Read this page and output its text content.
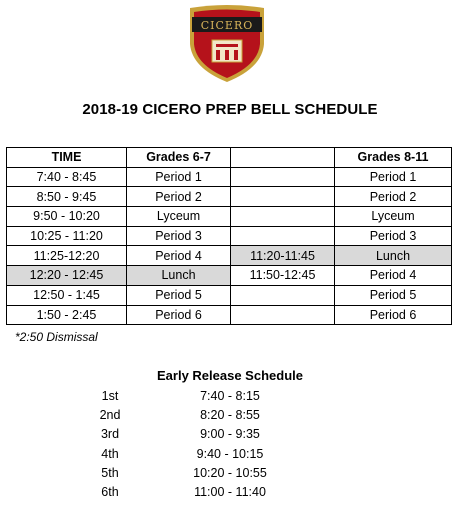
CICERO
2018-19 CICERO PREP BELL SCHEDULE
TIME	Grades 6-7		Grades 8-11
7:40 - 8:45	Period 1		Period 1
8:50 - 9:45	Period 2		Period 2
9:50 - 10:20	Lyceum		Lyceum
10:25 - 11:20	Period 3		Period 3
11:25-12:20	Period 4	11:20-11:45	Lunch
12:20 - 12:45	Lunch	11:50-12:45	Period 4
12:50 - 1:45	Period 5		Period 5
1:50 - 2:45	Period 6		Period 6
*2:50 Dismissal
Early Release Schedule
1st	7:40 - 8:15
2nd	8:20 - 8:55
3rd	9:00 - 9:35
4th	9:40 - 10:15
5th	10:20 - 10:55
6th	11:00 - 11:40
